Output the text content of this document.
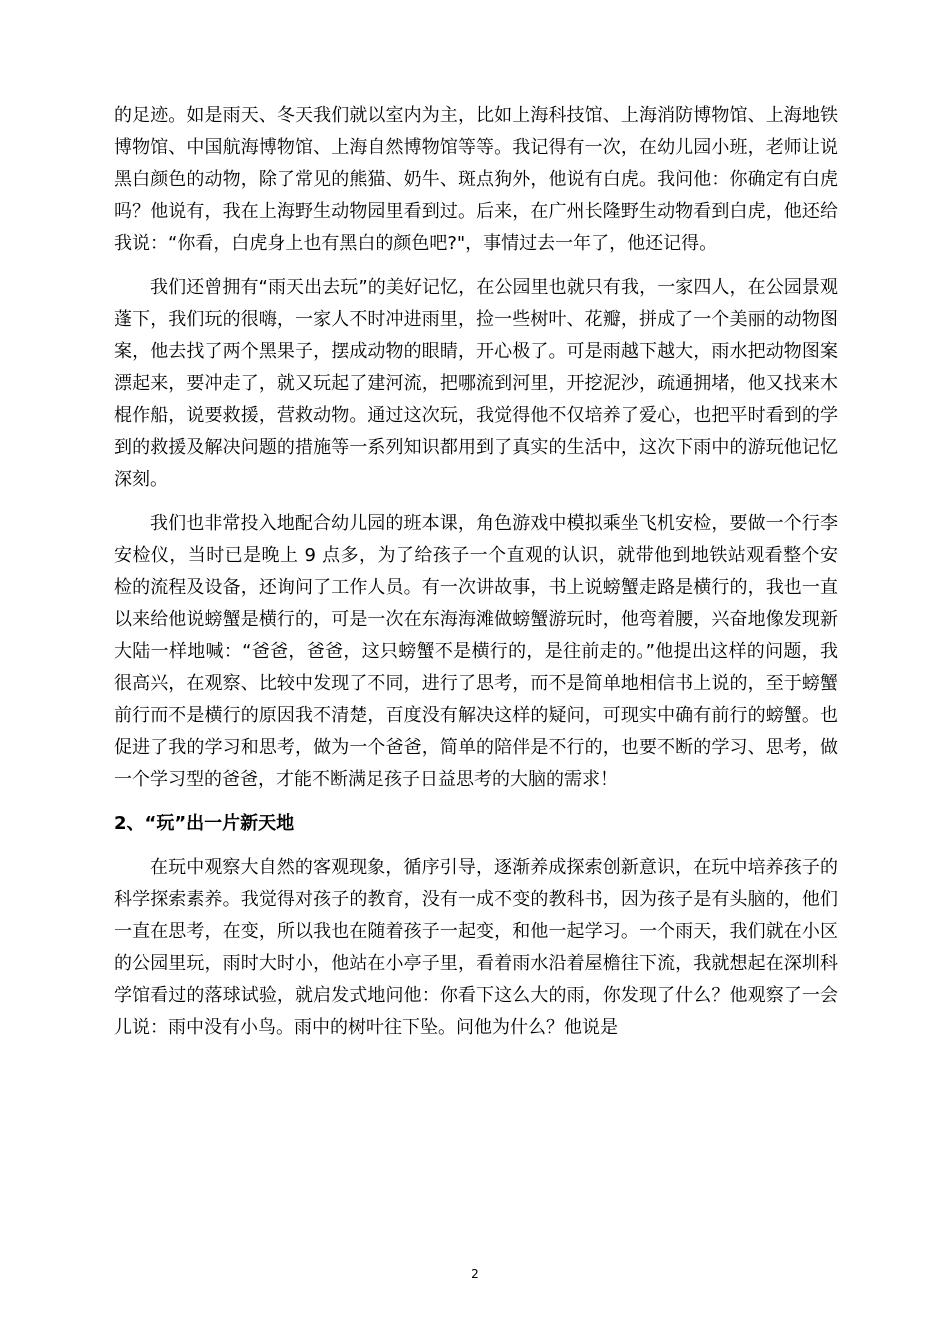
的足迹。如是雨天、冬天我们就以室内为主，比如上海科技馆、上海消防博物馆、上海地铁博物馆、中国航海博物馆、上海自然博物馆等等。我记得有一次，在幼儿园小班，老师让说黑白颜色的动物，除了常见的熊猫、奶牛、斑点狗外，他说有白虎。我问他：你确定有白虎吗？他说有，我在上海野生动物园里看到过。后来，在广州长隆野生动物看到白虎，他还给我说：“你看，白虎身上也有黑白的颜色吧?"，事情过去一年了，他还记得。

我们还曾拥有“雨天出去玩”的美好记忆，在公园里也就只有我，一家四人，在公园景观蓬下，我们玩的很嗨，一家人不时冲进雨里，捡一些树叶、花瓣，拼成了一个美丽的动物图案，他去找了两个黑果子，摆成动物的眼睛，开心极了。可是雨越下越大，雨水把动物图案漂起来，要冲走了，就又玩起了建河流，把哪流到河里，开挖泥沙，疏通拥堵，他又找来木棍作船，说要救援，营救动物。通过这次玩，我觉得他不仅培养了爱心，也把平时看到的学到的救援及解决问题的措施等一系列知识都用到了真实的生活中，这次下雨中的游玩他记忆深刻。

我们也非常投入地配合幼儿园的班本课，角色游戏中模拟乘坐飞机安检，要做一个行李安检仪，当时已是晚上 9 点多，为了给孩子一个直观的认识，就带他到地铁站观看整个安检的流程及设备，还询问了工作人员。有一次讲故事，书上说螃蟹走路是横行的，我也一直以来给他说螃蟹是横行的，可是一次在东海海滩做螃蟹游玩时，他弯着腰，兴奋地像发现新大陆一样地喊：“爸爸，爸爸，这只螃蟹不是横行的，是往前走的。”他提出这样的问题，我很高兴，在观察、比较中发现了不同，进行了思考，而不是简单地相信书上说的，至于螃蟹前行而不是横行的原因我不清楚，百度没有解决这样的疑问，可现实中确有前行的螃蟹。也促进了我的学习和思考，做为一个爸爸，简单的陪伴是不行的，也要不断的学习、思考，做一个学习型的爸爸，才能不断满足孩子日益思考的大脑的需求！

2、“玩”出一片新天地

在玩中观察大自然的客观现象，循序引导，逐渐养成探索创新意识，在玩中培养孩子的科学探索素养。我觉得对孩子的教育，没有一成不变的教科书，因为孩子是有头脑的，他们一直在思考，在变，所以我也在随着孩子一起变，和他一起学习。一个雨天，我们就在小区的公园里玩，雨时大时小，他站在小亭子里，看着雨水沿着屋檐往下流，我就想起在深圳科学馆看过的落球试验，就启发式地问他：你看下这么大的雨，你发现了什么？他观察了一会儿说：雨中没有小鸟。雨中的树叶往下坠。问他为什么？他说是

2
